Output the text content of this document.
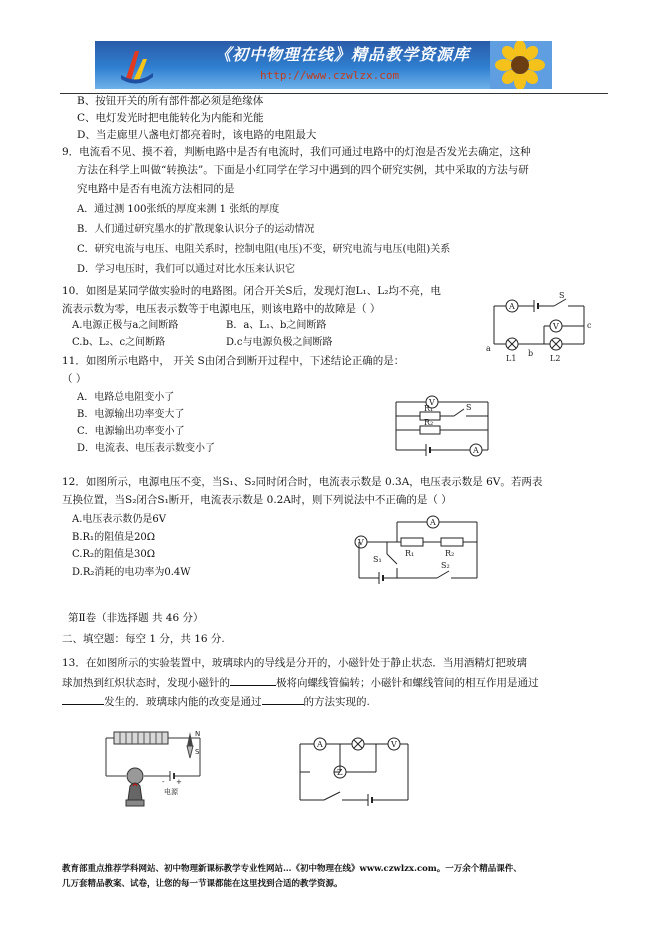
《初中物理在线》精品教学资源库
http://www.czwlzx.com
B、按钮开关的所有部件都必须是绝缘体
C、电灯发光时把电能转化为内能和光能
D、当走廊里八盏电灯都亮着时，该电路的电阻最大
9．电流看不见、摸不着，判断电路中是否有电流时，我们可通过电路中的灯泡是否发光去确定，这种
方法在科学上叫做“转换法”。下面是小红同学在学习中遇到的四个研究实例，其中采取的方法与研
究电路中是否有电流方法相同的是
A．通过测 100张纸的厚度来测 1 张纸的厚度
B．人们通过研究墨水的扩散现象认识分子的运动情况
C．研究电流与电压、电阻关系时，控制电阻(电压)不变，研究电流与电压(电阻)关系
D．学习电压时，我们可以通过对比水压来认识它
10．如图是某同学做实验时的电路图。闭合开关S后，发现灯泡L₁、L₂均不亮，电
流表示数为零，电压表示数等于电源电压，则该电路中的故障是（ ）
A.电源正极与a之间断路	B．a、L₁、b之间断路
C.b、L₂、c之间断路	D.c与电源负极之间断路
A
S
V
a
b
c
L1	L2
11．如图所示电路中， 开关 S由闭合到断开过程中，下述结论正确的是：
（ ）
A．电路总电阻变小了
B．电源输出功率变大了
C．电源输出功率变小了
D．电流表、电压表示数变小了
V
R₁	S
R₂
A
12．如图所示，电源电压不变，当S₁、S₂同时闭合时，电流表示数是 0.3A，电压表示数是 6V。若两表
互换位置，当S₂闭合S₁断开，电流表示数是 0.2A时，则下列说法中不正确的是（ ）
A.电压表示数仍是6V
B.R₁的阻值是20Ω
C.R₂的阻值是30Ω
D.R₂消耗的电功率为0.4W
A
V
R₁	R₂
S₁
S₂
第Ⅱ卷（非选择题 共 46 分）
二、填空题：每空 1 分，共 16 分.
13．在如图所示的实验装置中，玻璃球内的导线是分开的，小磁针处于静止状态．当用酒精灯把玻璃
球加热到红炽状态时，发现小磁针的	极将向螺线管偏转；小磁针和螺线管间的相互作用是通过
发生的．玻璃球内能的改变是通过	的方法实现的.
N
S
- +
电源
A	V
Z
教育部重点推荐学科网站、初中物理新课标教学专业性网站…《初中物理在线》www.czwlzx.com。一万余个精品课件、
几万套精品教案、试卷，让您的每一节课都能在这里找到合适的教学资源。
